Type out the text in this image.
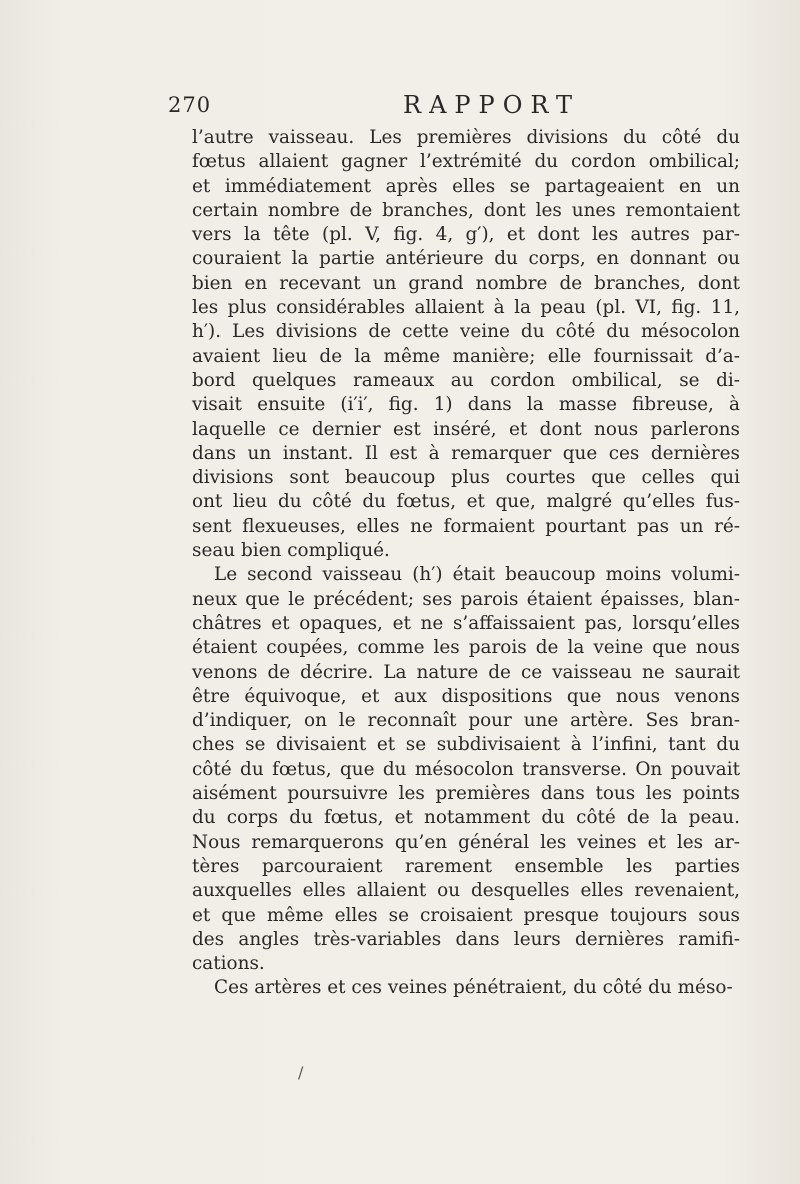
270	RAPPORT
l’autre vaisseau. Les premières divisions du côté du
fœtus allaient gagner l’extrémité du cordon ombilical;
et immédiatement après elles se partageaient en un
certain nombre de branches, dont les unes remontaient
vers la tête (pl. V, fig. 4, g′), et dont les autres par-
couraient la partie antérieure du corps, en donnant ou
bien en recevant un grand nombre de branches, dont
les plus considérables allaient à la peau (pl. VI, fig. 11,
h′). Les divisions de cette veine du côté du mésocolon
avaient lieu de la même manière; elle fournissait d’a-
bord quelques rameaux au cordon ombilical, se di-
visait ensuite (i′i′, fig. 1) dans la masse fibreuse, à
laquelle ce dernier est inséré, et dont nous parlerons
dans un instant. Il est à remarquer que ces dernières
divisions sont beaucoup plus courtes que celles qui
ont lieu du côté du fœtus, et que, malgré qu’elles fus-
sent flexueuses, elles ne formaient pourtant pas un ré-
seau bien compliqué.
Le second vaisseau (h′) était beaucoup moins volumi-
neux que le précédent; ses parois étaient épaisses, blan-
châtres et opaques, et ne s’affaissaient pas, lorsqu’elles
étaient coupées, comme les parois de la veine que nous
venons de décrire. La nature de ce vaisseau ne saurait
être équivoque, et aux dispositions que nous venons
d’indiquer, on le reconnaît pour une artère. Ses bran-
ches se divisaient et se subdivisaient à l’infini, tant du
côté du fœtus, que du mésocolon transverse. On pouvait
aisément poursuivre les premières dans tous les points
du corps du fœtus, et notamment du côté de la peau.
Nous remarquerons qu’en général les veines et les ar-
tères parcouraient rarement ensemble les parties
auxquelles elles allaient ou desquelles elles revenaient,
et que même elles se croisaient presque toujours sous
des angles très-variables dans leurs dernières ramifi-
cations.
Ces artères et ces veines pénétraient, du côté du méso-
/
